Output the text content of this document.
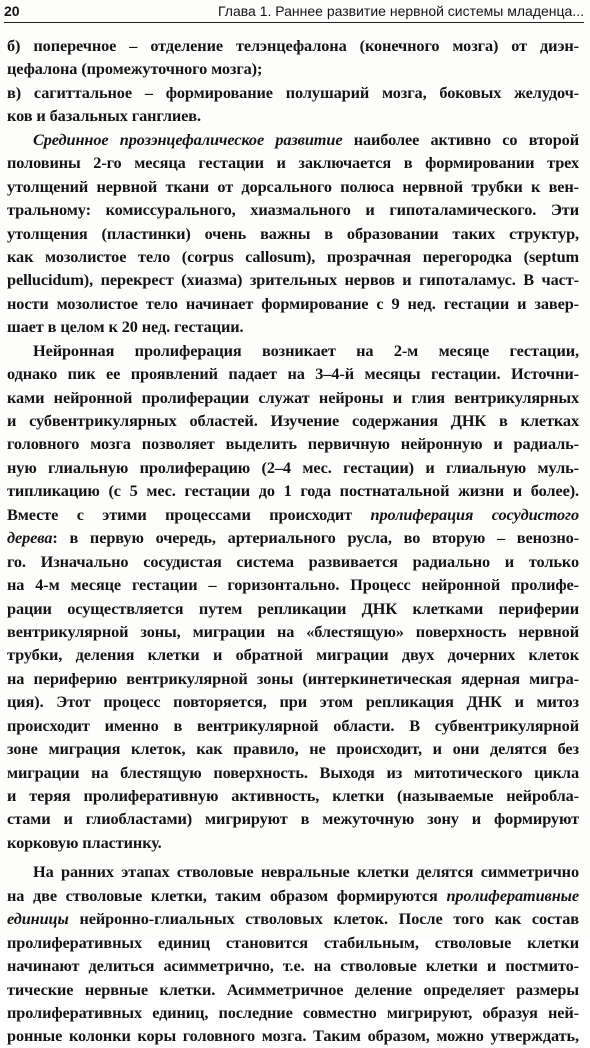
20	Глава 1. Раннее развитие нервной системы младенца...
б) поперечное – отделение телэнцефалона (конечного мозга) от диэн-
цефалона (промежуточного мозга);
в) сагиттальное – формирование полушарий мозга, боковых желудоч-
ков и базальных ганглиев.
Срединное прозэнцефалическое развитие наиболее активно со второй
половины 2-го месяца гестации и заключается в формировании трех
утолщений нервной ткани от дорсального полюса нервной трубки к вен-
тральному: комиссурального, хиазмального и гипоталамического. Эти
утолщения (пластинки) очень важны в образовании таких структур,
как мозолистое тело (corpus callosum), прозрачная перегородка (septum
pellucidum), перекрест (хиазма) зрительных нервов и гипоталамус. В част-
ности мозолистое тело начинает формирование с 9 нед. гестации и завер-
шает в целом к 20 нед. гестации.
Нейронная пролиферация возникает на 2-м месяце гестации,
однако пик ее проявлений падает на 3–4-й месяцы гестации. Источни-
ками нейронной пролиферации служат нейроны и глия вентрикулярных
и субвентрикулярных областей. Изучение содержания ДНК в клетках
головного мозга позволяет выделить первичную нейронную и радиаль-
ную глиальную пролиферацию (2–4 мес. гестации) и глиальную муль-
типликацию (с 5 мес. гестации до 1 года постнатальной жизни и более).
Вместе с этими процессами происходит пролиферация сосудистого
дерева: в первую очередь, артериального русла, во вторую – венозно-
го. Изначально сосудистая система развивается радиально и только
на 4-м месяце гестации – горизонтально. Процесс нейронной пролифе-
рации осуществляется путем репликации ДНК клетками периферии
вентрикулярной зоны, миграции на «блестящую» поверхность нервной
трубки, деления клетки и обратной миграции двух дочерних клеток
на периферию вентрикулярной зоны (интеркинетическая ядерная мигра-
ция). Этот процесс повторяется, при этом репликация ДНК и митоз
происходит именно в вентрикулярной области. В субвентрикулярной
зоне миграция клеток, как правило, не происходит, и они делятся без
миграции на блестящую поверхность. Выходя из митотического цикла
и теряя пролиферативную активность, клетки (называемые нейробла-
стами и глиобластами) мигрируют в межуточную зону и формируют
корковую пластинку.
На ранних этапах стволовые невральные клетки делятся симметрично
на две стволовые клетки, таким образом формируются пролиферативные
единицы нейронно-глиальных стволовых клеток. После того как состав
пролиферативных единиц становится стабильным, стволовые клетки
начинают делиться асимметрично, т.е. на стволовые клетки и постмито-
тические нервные клетки. Асимметричное деление определяет размеры
пролиферативных единиц, последние совместно мигрируют, образуя ней-
ронные колонки коры головного мозга. Таким образом, можно утверждать,
